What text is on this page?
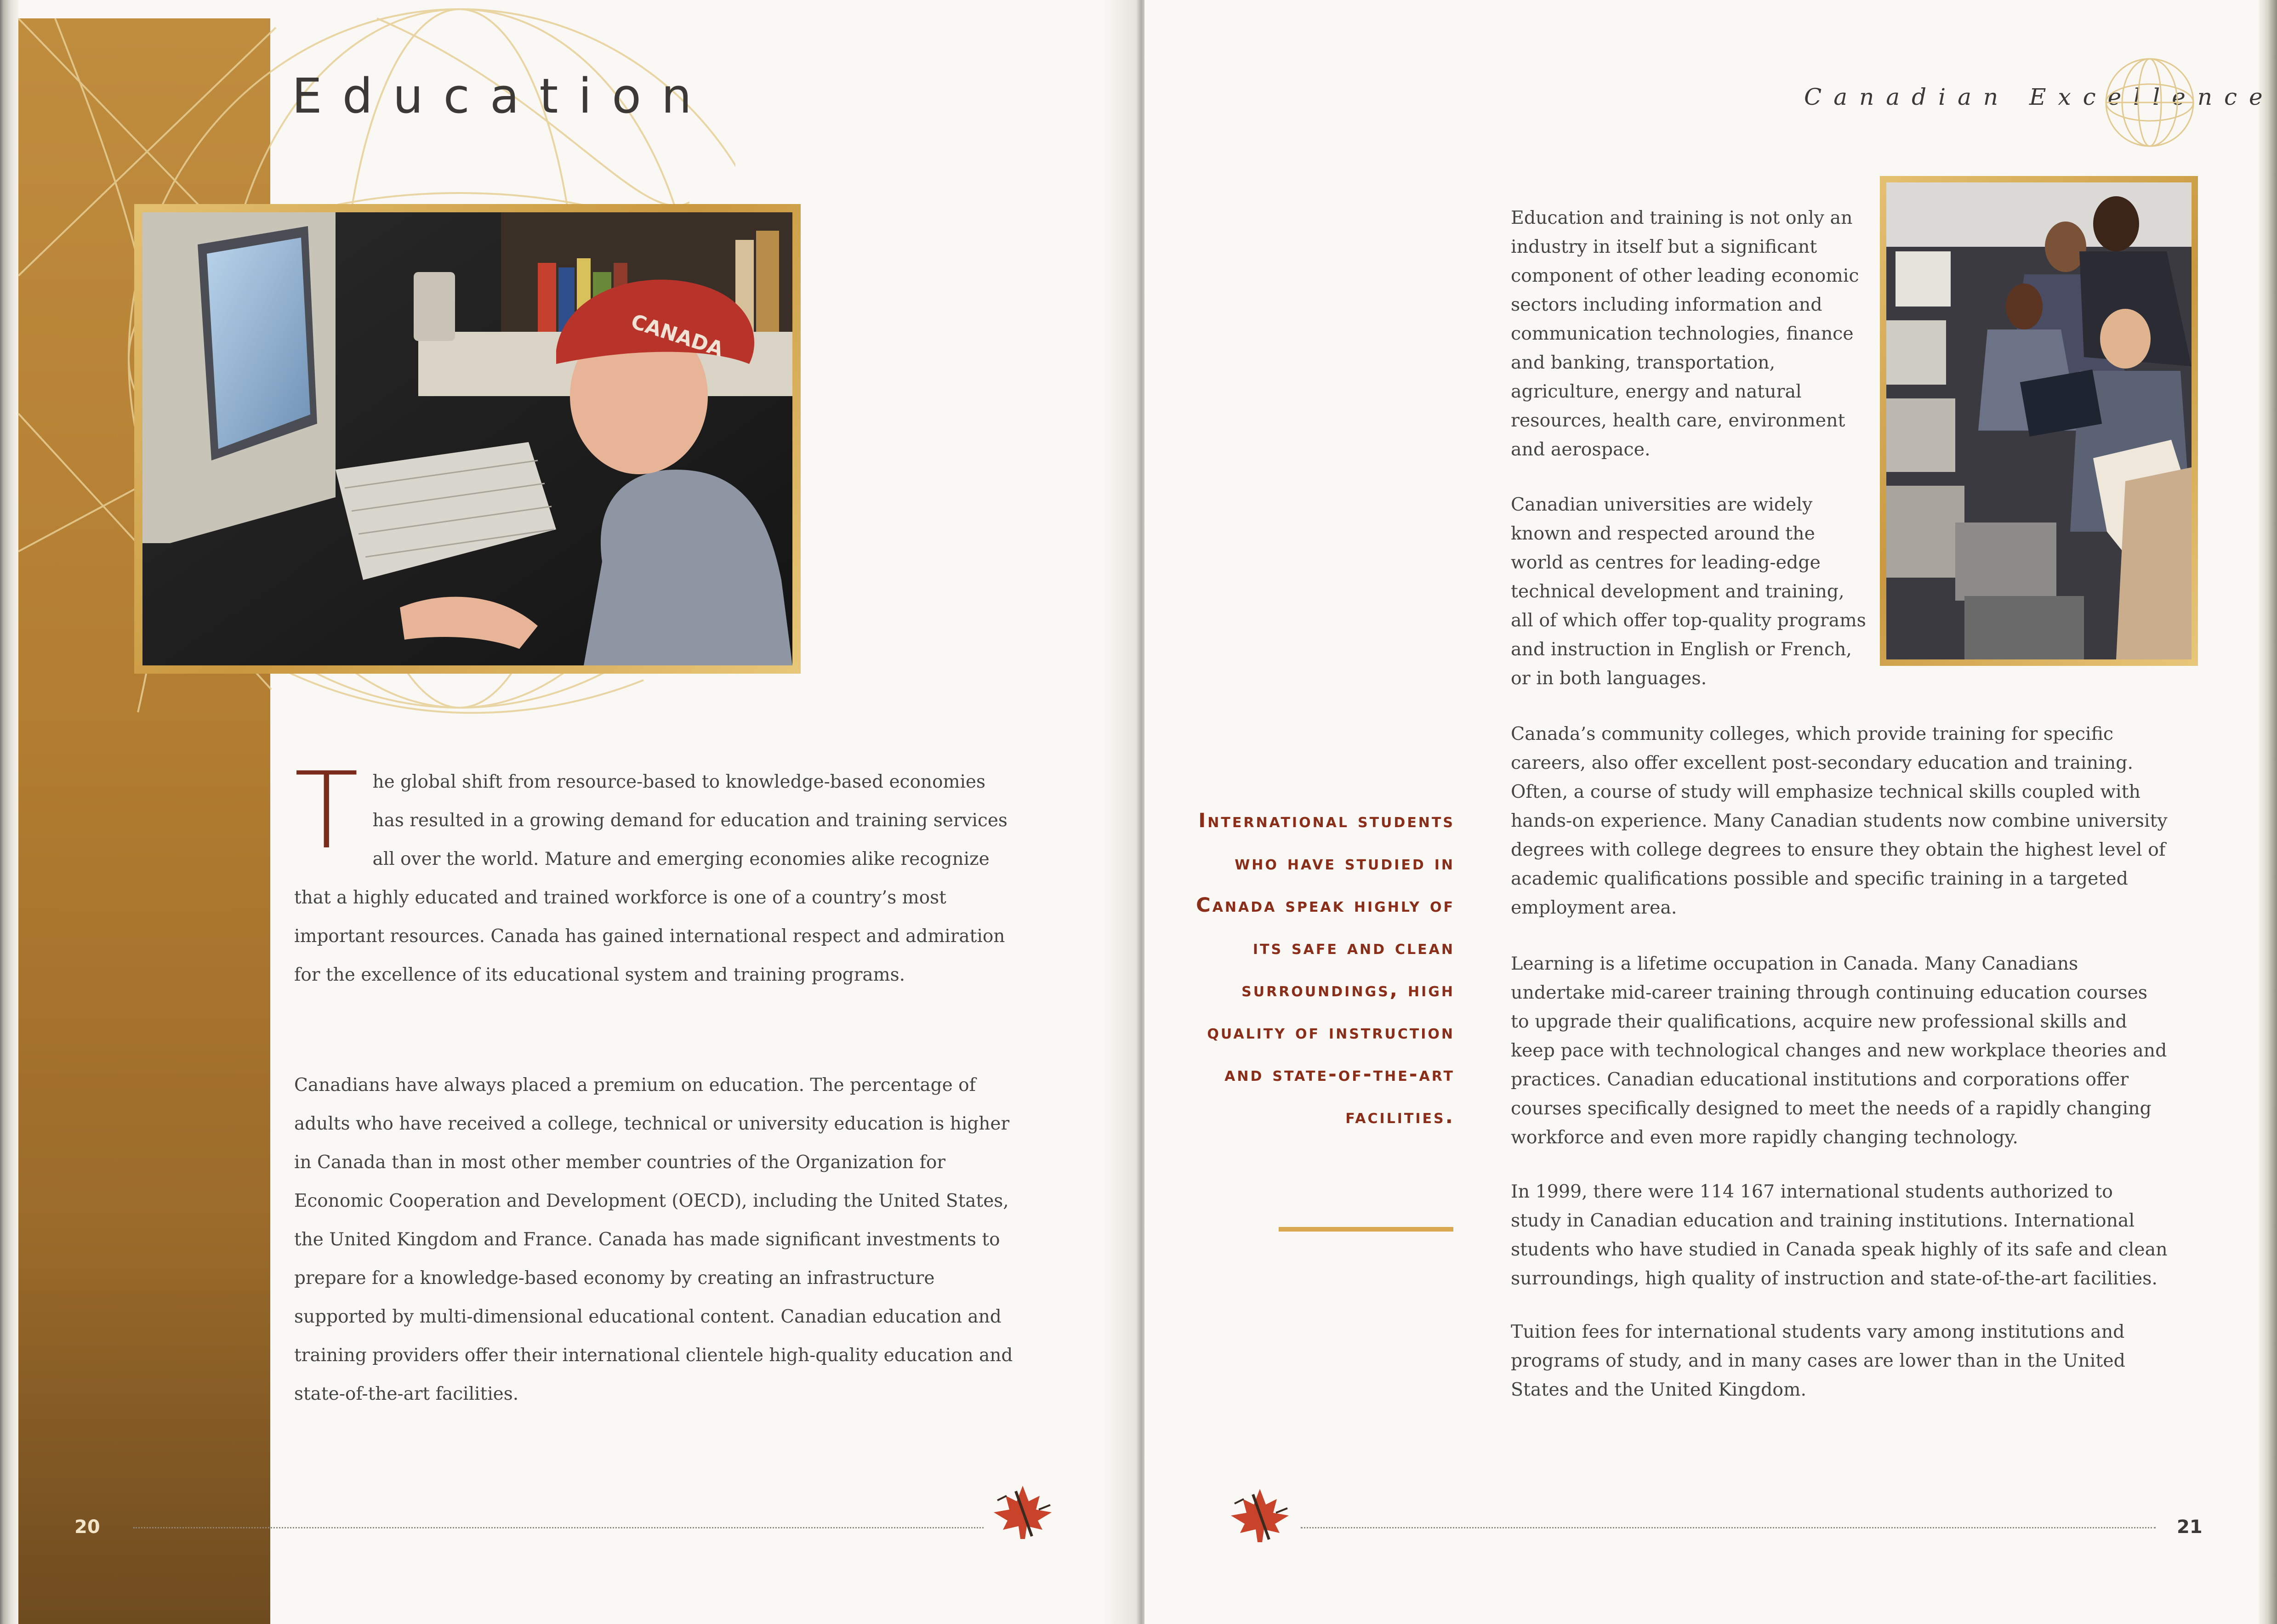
Education
CANADA

The global shift from resource-based to knowledge-based economies has resulted in a growing demand for education and training services all over the world. Mature and emerging economies alike recognize that a highly educated and trained workforce is one of a country’s most important resources. Canada has gained international respect and admiration for the excellence of its educational system and training programs.

Canadians have always placed a premium on education. The percentage of adults who have received a college, technical or university education is higher in Canada than in most other member countries of the Organization for Economic Cooperation and Development (OECD), including the United States, the United Kingdom and France. Canada has made significant investments to prepare for a knowledge-based economy by creating an infrastructure supported by multi-dimensional educational content. Canadian education and training providers offer their international clientele high-quality education and state-of-the-art facilities.

20

Canadian Excellence

Education and training is not only an industry in itself but a significant component of other leading economic sectors including information and communication technologies, finance and banking, transportation, agriculture, energy and natural resources, health care, environment and aerospace.

Canadian universities are widely known and respected around the world as centres for leading-edge technical development and training, all of which offer top-quality programs and instruction in English or French, or in both languages.

Canada’s community colleges, which provide training for specific careers, also offer excellent post-secondary education and training. Often, a course of study will emphasize technical skills coupled with hands-on experience. Many Canadian students now combine university degrees with college degrees to ensure they obtain the highest level of academic qualifications possible and specific training in a targeted employment area.

Learning is a lifetime occupation in Canada. Many Canadians undertake mid-career training through continuing education courses to upgrade their qualifications, acquire new professional skills and keep pace with technological changes and new workplace theories and practices. Canadian educational institutions and corporations offer courses specifically designed to meet the needs of a rapidly changing workforce and even more rapidly changing technology.

In 1999, there were 114 167 international students authorized to study in Canadian education and training institutions. International students who have studied in Canada speak highly of its safe and clean surroundings, high quality of instruction and state-of-the-art facilities.

Tuition fees for international students vary among institutions and programs of study, and in many cases are lower than in the United States and the United Kingdom.

International students who have studied in Canada speak highly of its safe and clean surroundings, high quality of instruction and state-of-the-art facilities.

21
